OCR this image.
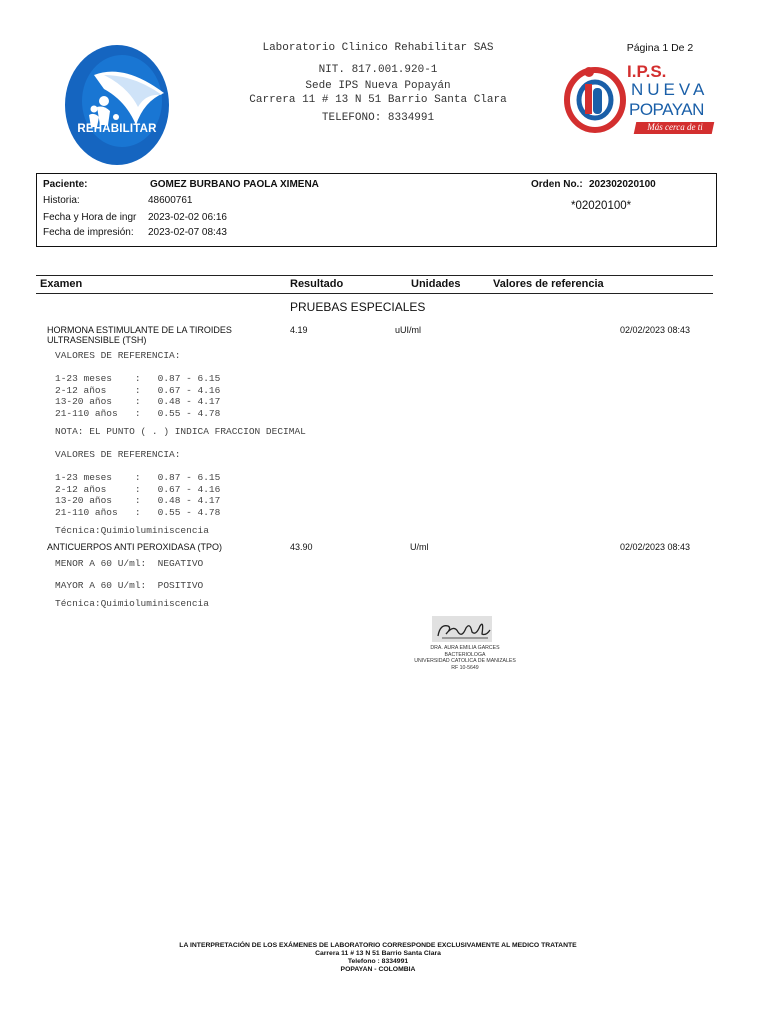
REHABILITAR
Laboratorio Clinico Rehabilitar SAS
NIT. 817.001.920-1
Sede IPS Nueva Popayán
Carrera 11 # 13 N 51 Barrio Santa Clara
TELEFONO: 8334991
Página 1 De 2
I.P.S.
NUEVA
POPAYAN
Más cerca de ti
Paciente:	GOMEZ BURBANO PAOLA XIMENA	Orden No.: 202302020100
Historia:	48600761	*02020100*
Fecha y Hora de ingr 2023-02-02 06:16
Fecha de impresión: 2023-02-07 08:43
Examen	Resultado	Unidades	Valores de referencia
PRUEBAS ESPECIALES
HORMONA ESTIMULANTE DE LA TIROIDES
ULTRASENSIBLE (TSH)
4.19	uUI/ml	02/02/2023 08:43
VALORES DE REFERENCIA:
1-23 meses    :   0.87 - 6.15
2-12 años     :   0.67 - 4.16
13-20 años    :   0.48 - 4.17
21-110 años   :   0.55 - 4.78
NOTA: EL PUNTO ( . ) INDICA FRACCION DECIMAL
VALORES DE REFERENCIA:
1-23 meses    :   0.87 - 6.15
2-12 años     :   0.67 - 4.16
13-20 años    :   0.48 - 4.17
21-110 años   :   0.55 - 4.78
Técnica:Quimioluminiscencia
ANTICUERPOS ANTI PEROXIDASA (TPO)	43.90	U/ml	02/02/2023 08:43
MENOR A 60 U/ml:  NEGATIVO
MAYOR A 60 U/ml:  POSITIVO
Técnica:Quimioluminiscencia
DRA. AURA EMILIA GARCES
BACTERIOLOGA
UNIVERSIDAD CATOLICA DE MANIZALES
RF 10-5649
LA INTERPRETACIÓN DE LOS EXÁMENES DE LABORATORIO CORRESPONDE EXCLUSIVAMENTE AL MEDICO TRATANTE
Carrera 11 # 13 N 51 Barrio Santa Clara
Telefono : 8334991
POPAYAN - COLOMBIA
